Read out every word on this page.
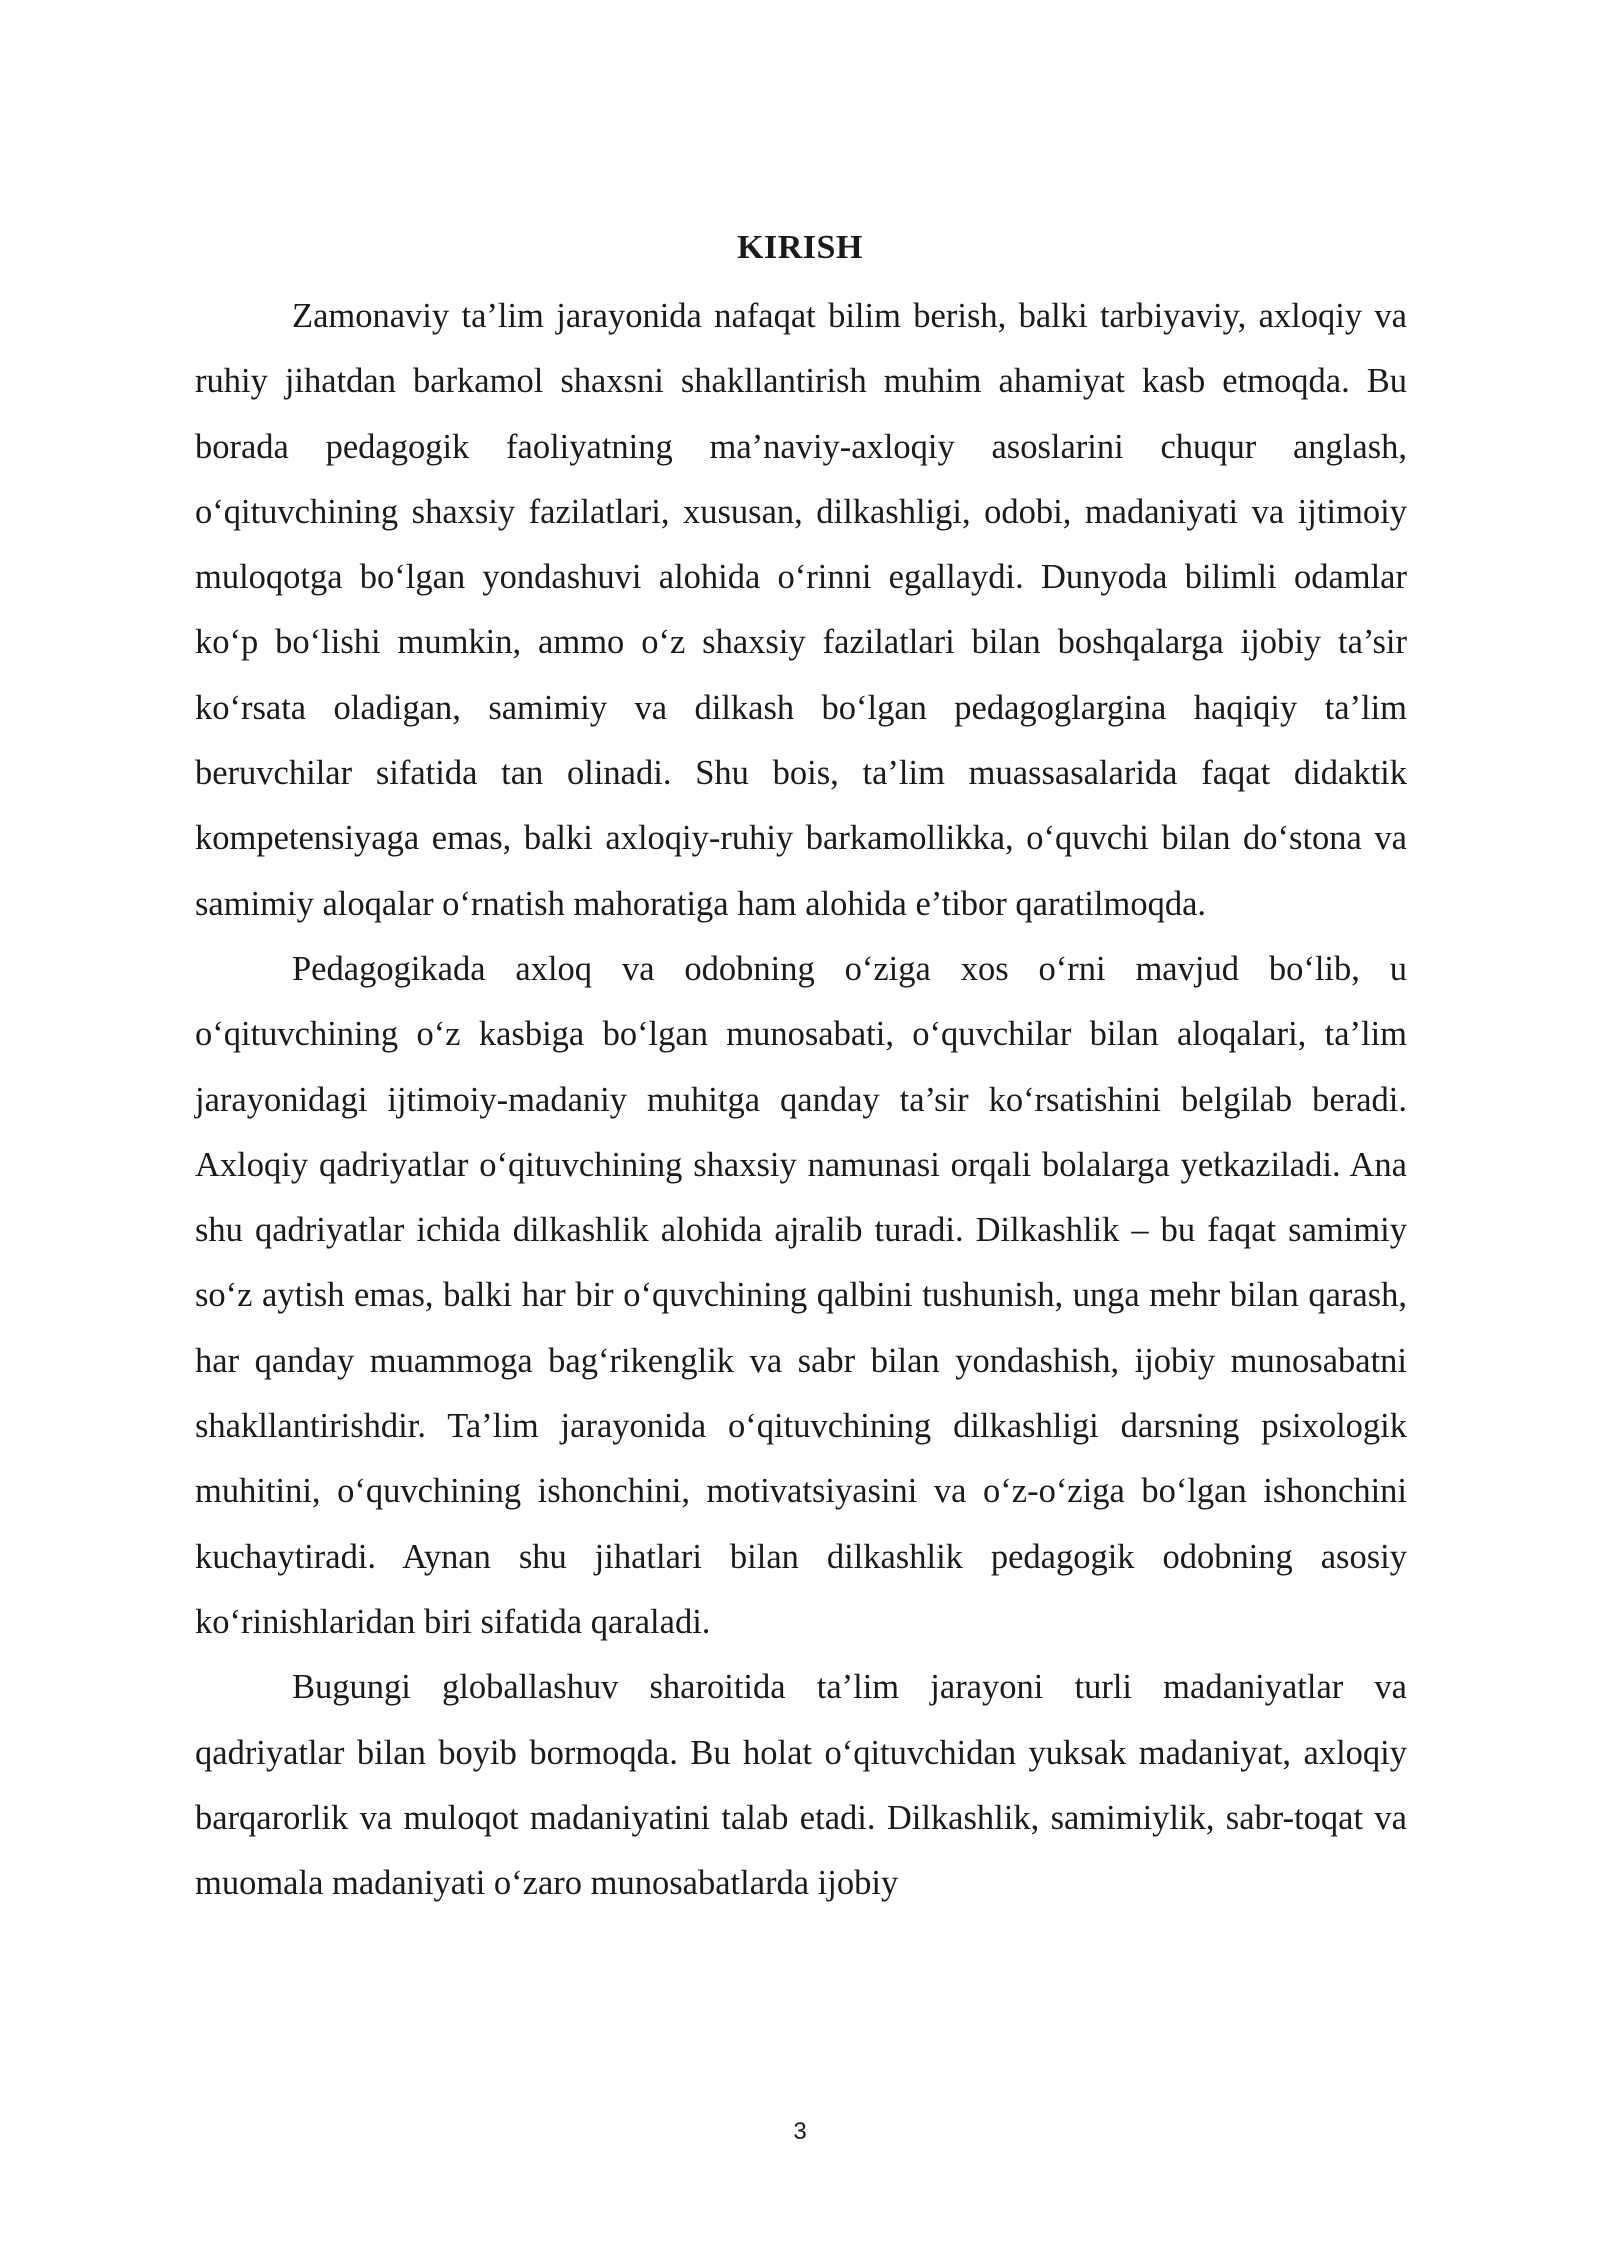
KIRISH

Zamonaviy ta’lim jarayonida nafaqat bilim berish, balki tarbiyaviy, axloqiy va ruhiy jihatdan barkamol shaxsni shakllantirish muhim ahamiyat kasb etmoqda. Bu borada pedagogik faoliyatning ma’naviy-axloqiy asoslarini chuqur anglash, o‘qituvchining shaxsiy fazilatlari, xususan, dilkashligi, odobi, madaniyati va ijtimoiy muloqotga bo‘lgan yondashuvi alohida o‘rinni egallaydi. Dunyoda bilimli odamlar ko‘p bo‘lishi mumkin, ammo o‘z shaxsiy fazilatlari bilan boshqalarga ijobiy ta’sir ko‘rsata oladigan, samimiy va dilkash bo‘lgan pedagoglargina haqiqiy ta’lim beruvchilar sifatida tan olinadi. Shu bois, ta’lim muassasalarida faqat didaktik kompetensiyaga emas, balki axloqiy-ruhiy barkamollikka, o‘quvchi bilan do‘stona va samimiy aloqalar o‘rnatish mahoratiga ham alohida e’tibor qaratilmoqda.

Pedagogikada axloq va odobning o‘ziga xos o‘rni mavjud bo‘lib, u o‘qituvchining o‘z kasbiga bo‘lgan munosabati, o‘quvchilar bilan aloqalari, ta’lim jarayonidagi ijtimoiy-madaniy muhitga qanday ta’sir ko‘rsatishini belgilab beradi. Axloqiy qadriyatlar o‘qituvchining shaxsiy namunasi orqali bolalarga yetkaziladi. Ana shu qadriyatlar ichida dilkashlik alohida ajralib turadi. Dilkashlik – bu faqat samimiy so‘z aytish emas, balki har bir o‘quvchining qalbini tushunish, unga mehr bilan qarash, har qanday muammoga bag‘rikenglik va sabr bilan yondashish, ijobiy munosabatni shakllantirishdir. Ta’lim jarayonida o‘qituvchining dilkashligi darsning psixologik muhitini, o‘quvchining ishonchini, motivatsiyasini va o‘z-o‘ziga bo‘lgan ishonchini kuchaytiradi. Aynan shu jihatlari bilan dilkashlik pedagogik odobning asosiy ko‘rinishlaridan biri sifatida qaraladi.

Bugungi globallashuv sharoitida ta’lim jarayoni turli madaniyatlar va qadriyatlar bilan boyib bormoqda. Bu holat o‘qituvchidan yuksak madaniyat, axloqiy barqarorlik va muloqot madaniyatini talab etadi. Dilkashlik, samimiylik, sabr-toqat va muomala madaniyati o‘zaro munosabatlarda ijobiy

3
